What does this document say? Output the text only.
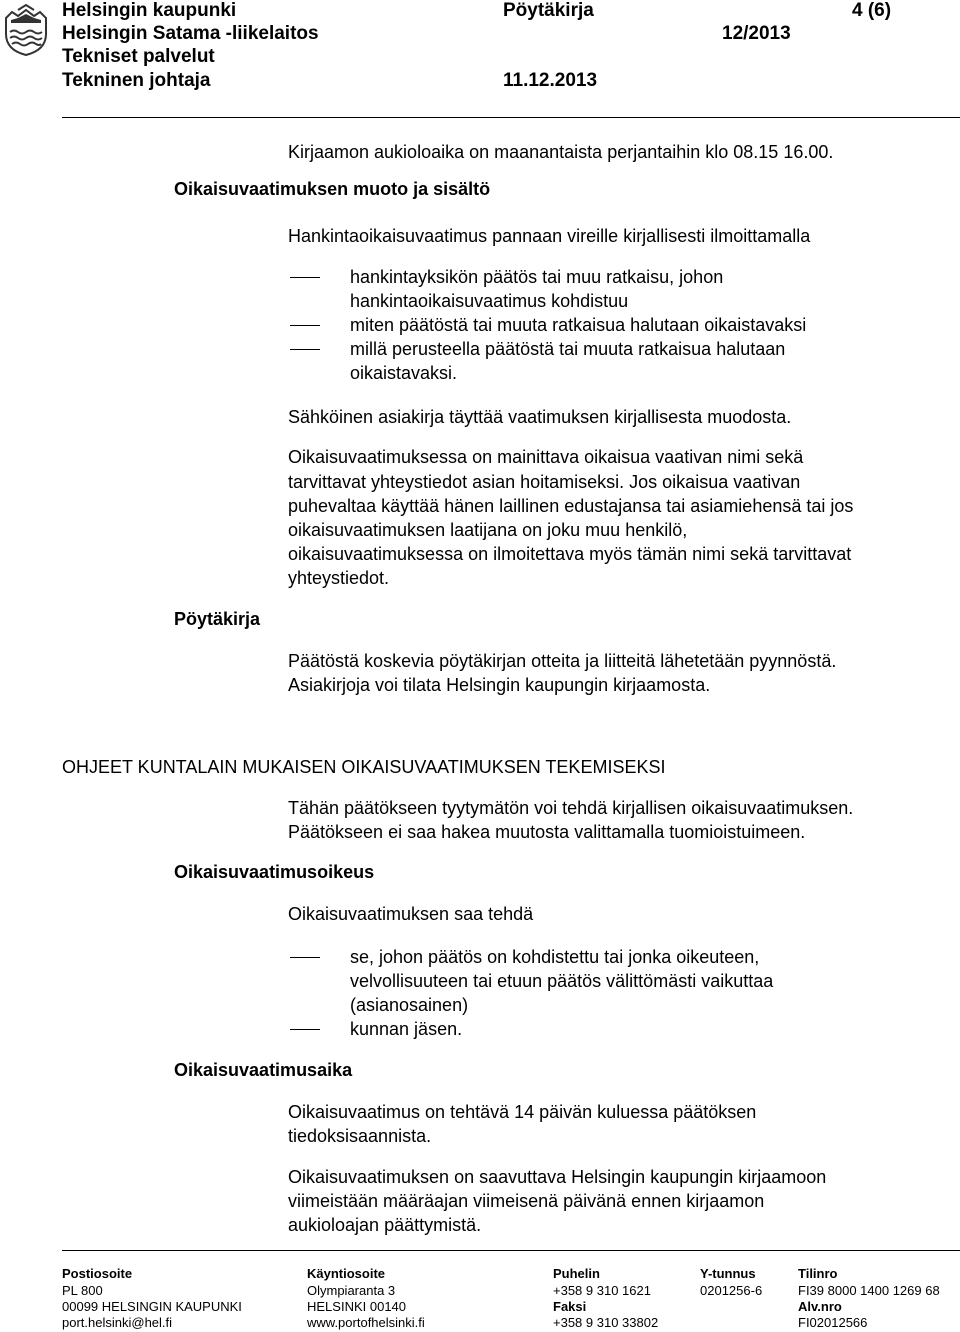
Helsingin kaupunki
Helsingin Satama -liikelaitos
Tekniset palvelut
Tekninen johtaja
Pöytäkirja
12/2013
11.12.2013
4 (6)
Kirjaamon aukioloaika on maanantaista perjantaihin klo 08.15 16.00.
Oikaisuvaatimuksen muoto ja sisältö
Hankintaoikaisuvaatimus pannaan vireille kirjallisesti ilmoittamalla
hankintayksikön päätös tai muu ratkaisu, johon
hankintaoikaisuvaatimus kohdistuu
miten päätöstä tai muuta ratkaisua halutaan oikaistavaksi
millä perusteella päätöstä tai muuta ratkaisua halutaan
oikaistavaksi.
Sähköinen asiakirja täyttää vaatimuksen kirjallisesta muodosta.
Oikaisuvaatimuksessa on mainittava oikaisua vaativan nimi sekä
tarvittavat yhteystiedot asian hoitamiseksi. Jos oikaisua vaativan
puhevaltaa käyttää hänen laillinen edustajansa tai asiamiehensä tai jos
oikaisuvaatimuksen laatijana on joku muu henkilö,
oikaisuvaatimuksessa on ilmoitettava myös tämän nimi sekä tarvittavat
yhteystiedot.
Pöytäkirja
Päätöstä koskevia pöytäkirjan otteita ja liitteitä lähetetään pyynnöstä.
Asiakirjoja voi tilata Helsingin kaupungin kirjaamosta.
OHJEET KUNTALAIN MUKAISEN OIKAISUVAATIMUKSEN TEKEMISEKSI
Tähän päätökseen tyytymätön voi tehdä kirjallisen oikaisuvaatimuksen.
Päätökseen ei saa hakea muutosta valittamalla tuomioistuimeen.
Oikaisuvaatimusoikeus
Oikaisuvaatimuksen saa tehdä
se, johon päätös on kohdistettu tai jonka oikeuteen,
velvollisuuteen tai etuun päätös välittömästi vaikuttaa
(asianosainen)
kunnan jäsen.
Oikaisuvaatimusaika
Oikaisuvaatimus on tehtävä 14 päivän kuluessa päätöksen
tiedoksisaannista.
Oikaisuvaatimuksen on saavuttava Helsingin kaupungin kirjaamoon
viimeistään määräajan viimeisenä päivänä ennen kirjaamon
aukioloajan päättymistä.
Postiosoite
PL 800
00099 HELSINGIN KAUPUNKI
port.helsinki@hel.fi
Käyntiosoite
Olympiaranta 3
HELSINKI 00140
www.portofhelsinki.fi
Puhelin
+358 9 310 1621
Faksi
+358 9 310 33802
Y-tunnus
0201256-6
Tilinro
FI39 8000 1400 1269 68
Alv.nro
FI02012566
